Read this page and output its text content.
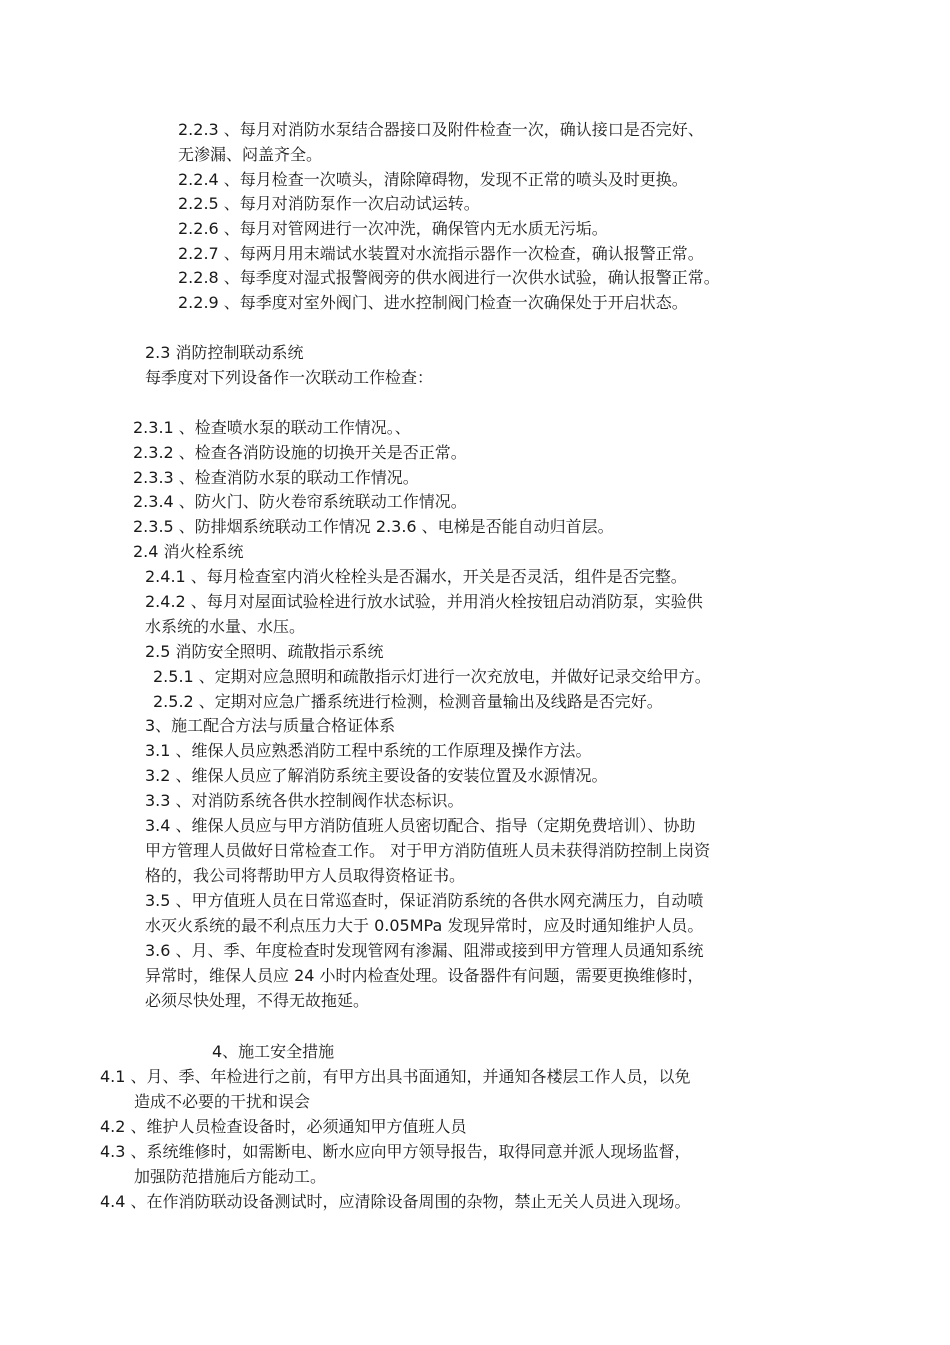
2.2.3 、每月对消防水泵结合器接口及附件检查一次，确认接口是否完好、
无渗漏、闷盖齐全。
2.2.4 、每月检查一次喷头，清除障碍物，发现不正常的喷头及时更换。
2.2.5 、每月对消防泵作一次启动试运转。
2.2.6 、每月对管网进行一次冲洗，确保管内无水质无污垢。
2.2.7 、每两月用末端试水装置对水流指示器作一次检查，确认报警正常。
2.2.8 、每季度对湿式报警阀旁的供水阀进行一次供水试验，确认报警正常。
2.2.9 、每季度对室外阀门、进水控制阀门检查一次确保处于开启状态。
2.3 消防控制联动系统
每季度对下列设备作一次联动工作检查：
2.3.1 、检查喷水泵的联动工作情况。、
2.3.2 、检查各消防设施的切换开关是否正常。
2.3.3 、检查消防水泵的联动工作情况。
2.3.4 、防火门、防火卷帘系统联动工作情况。
2.3.5 、防排烟系统联动工作情况 2.3.6 、电梯是否能自动归首层。
2.4 消火栓系统
2.4.1 、每月检查室内消火栓栓头是否漏水，开关是否灵活，组件是否完整。
2.4.2 、每月对屋面试验栓进行放水试验，并用消火栓按钮启动消防泵，实验供
水系统的水量、水压。
2.5 消防安全照明、疏散指示系统
2.5.1 、定期对应急照明和疏散指示灯进行一次充放电，并做好记录交给甲方。
2.5.2 、定期对应急广播系统进行检测，检测音量输出及线路是否完好。
3、施工配合方法与质量合格证体系
3.1 、维保人员应熟悉消防工程中系统的工作原理及操作方法。
3.2 、维保人员应了解消防系统主要设备的安装位置及水源情况。
3.3 、对消防系统各供水控制阀作状态标识。
3.4 、维保人员应与甲方消防值班人员密切配合、指导（定期免费培训）、协助
甲方管理人员做好日常检查工作。 对于甲方消防值班人员未获得消防控制上岗资
格的，我公司将帮助甲方人员取得资格证书。
3.5 、甲方值班人员在日常巡查时，保证消防系统的各供水网充满压力，自动喷
水灭火系统的最不利点压力大于 0.05MPa 发现异常时，应及时通知维护人员。
3.6 、月、季、年度检查时发现管网有渗漏、阻滞或接到甲方管理人员通知系统
异常时，维保人员应 24 小时内检查处理。设备器件有问题，需要更换维修时，
必须尽快处理，不得无故拖延。
4、施工安全措施
4.1 、月、季、年检进行之前，有甲方出具书面通知，并通知各楼层工作人员，以免
造成不必要的干扰和误会
4.2 、维护人员检查设备时，必须通知甲方值班人员
4.3 、系统维修时，如需断电、断水应向甲方领导报告，取得同意并派人现场监督，
加强防范措施后方能动工。
4.4 、在作消防联动设备测试时，应清除设备周围的杂物，禁止无关人员进入现场。
